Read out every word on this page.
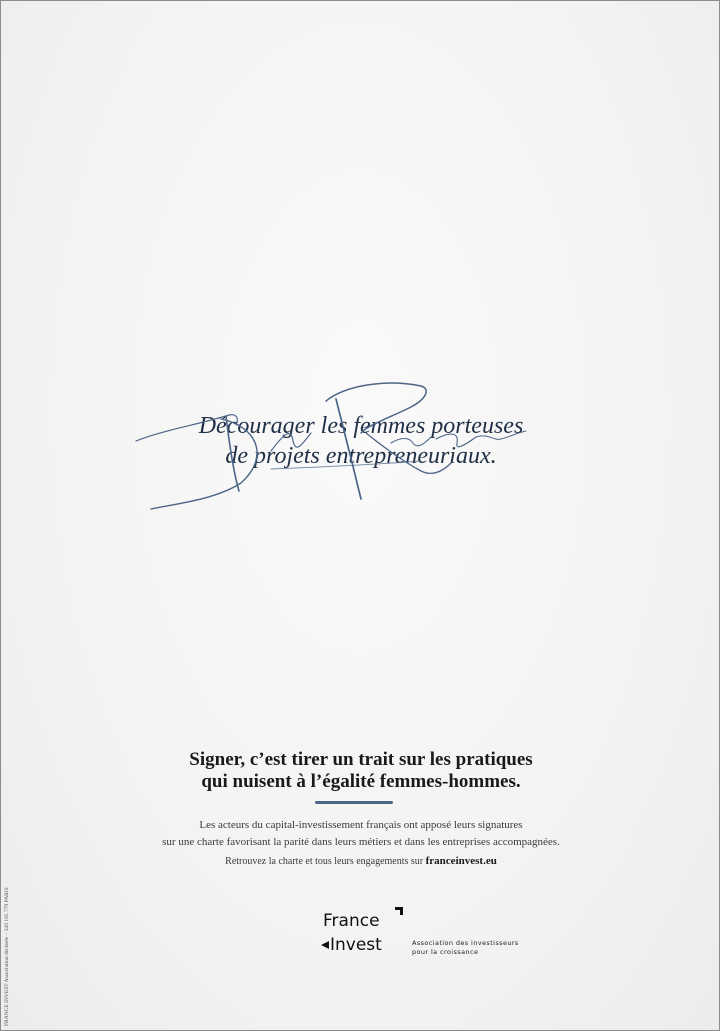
Décourager les femmes porteuses
de projets entrepreneuriaux.
Signer, c’est tirer un trait sur les pratiques
qui nuisent à l’égalité femmes-hommes.
Les acteurs du capital-investissement français ont apposé leurs signatures
sur une charte favorisant la parité dans leurs métiers et dans les entreprises accompagnées.
Retrouvez la charte et tous leurs engagements sur franceinvest.eu
France
Invest	Association des investisseurs
pour la croissance
FRANCE INVEST Association déclarée – 349 165 779 PARIS
